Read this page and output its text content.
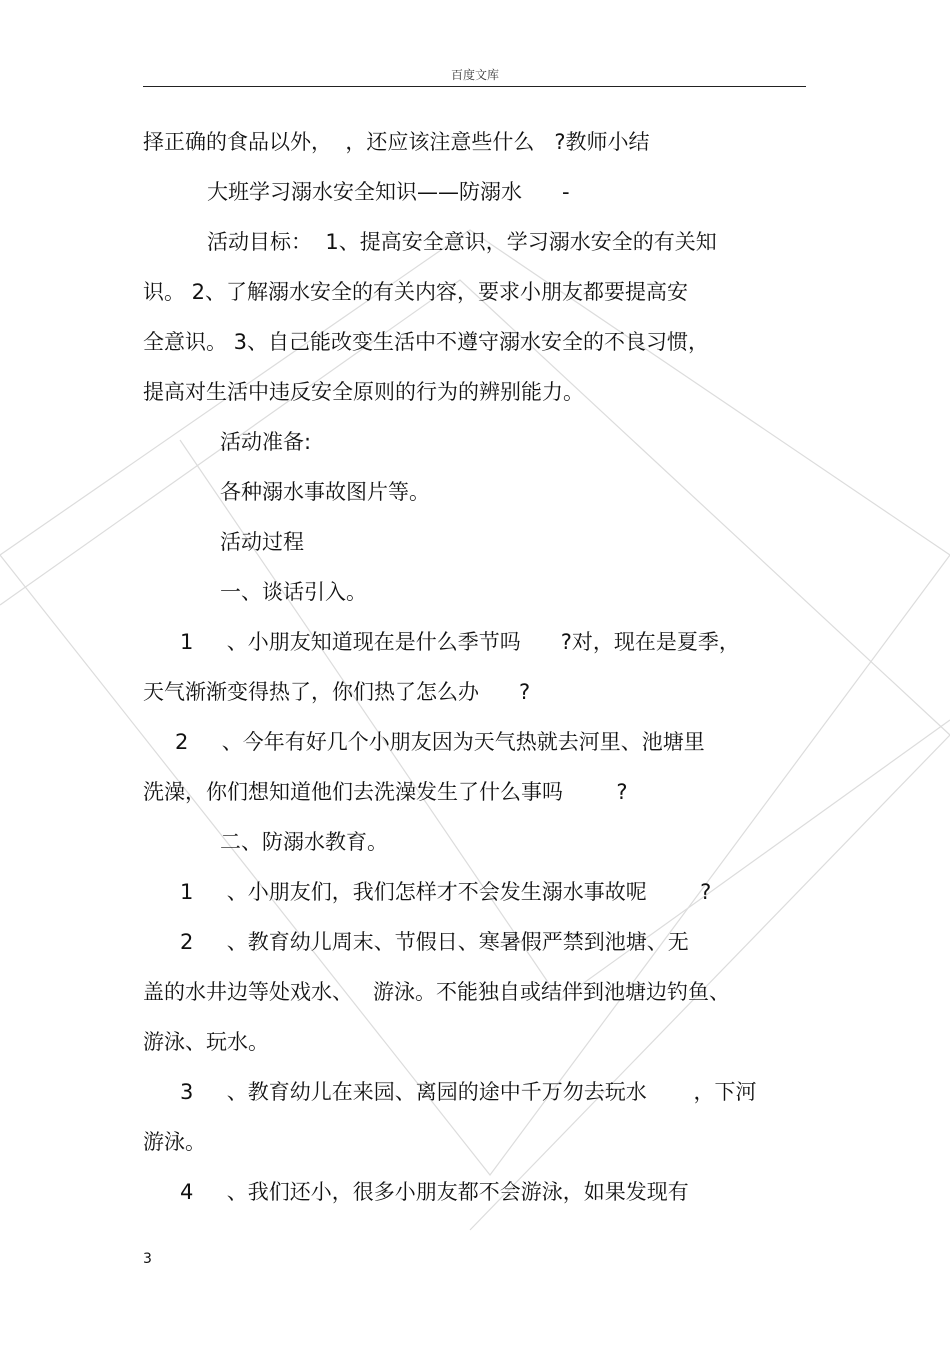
百度文库
择正确的食品以外，  ，还应该注意些什么   ?教师小结
大班学习溺水安全知识——防溺水      -
活动目标：  1、提高安全意识，学习溺水安全的有关知
识。 2、了解溺水安全的有关内容，要求小朋友都要提高安
全意识。 3、自己能改变生活中不遵守溺水安全的不良习惯，
提高对生活中违反安全原则的行为的辨别能力。
活动准备:
各种溺水事故图片等。
活动过程
一、谈话引入。
1     、小朋友知道现在是什么季节吗      ?对，现在是夏季，
天气渐渐变得热了，你们热了怎么办      ?
2     、今年有好几个小朋友因为天气热就去河里、池塘里
洗澡，你们想知道他们去洗澡发生了什么事吗        ?
二、防溺水教育。
1     、小朋友们，我们怎样才不会发生溺水事故呢        ?
2     、教育幼儿周末、节假日、寒暑假严禁到池塘、无
盖的水井边等处戏水、   游泳。不能独自或结伴到池塘边钓鱼、
游泳、玩水。
3     、教育幼儿在来园、离园的途中千万勿去玩水       ，下河
游泳。
4     、我们还小，很多小朋友都不会游泳，如果发现有
3
